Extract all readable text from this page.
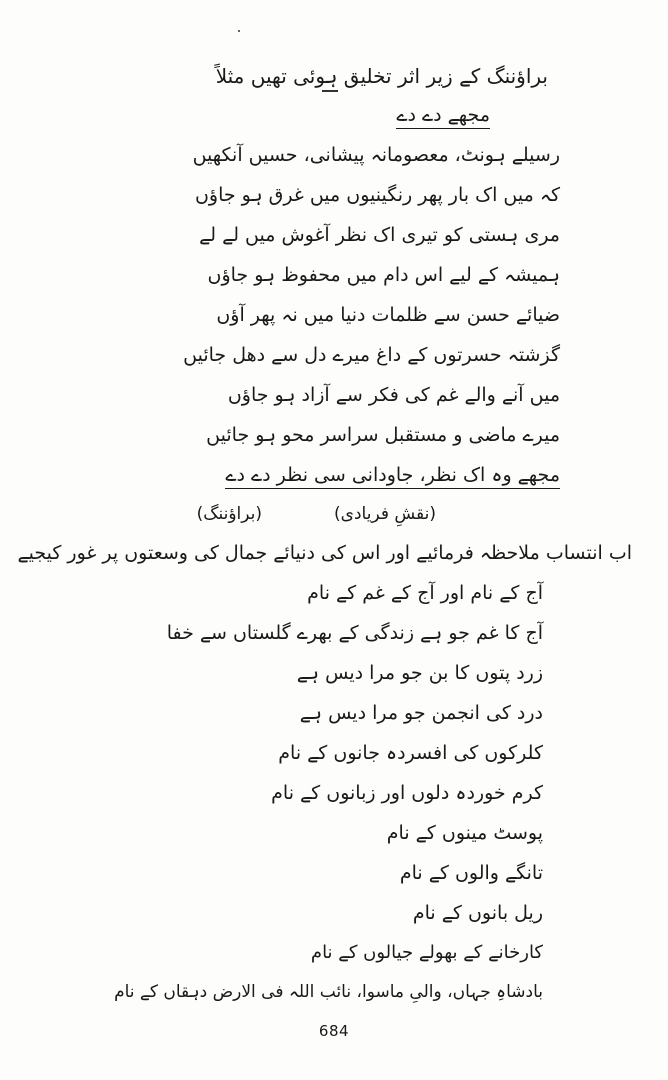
براؤننگ کے زیر اثر تخلیق ہوئی تھیں مثلاً
مجھے دے دے
رسیلے ہونٹ، معصومانہ پیشانی، حسیں آنکھیں
کہ میں اک بار پھر رنگینیوں میں غرق ہو جاؤں
مری ہستی کو تیری اک نظر آغوش میں لے لے
ہمیشہ کے لیے اس دام میں محفوظ ہو جاؤں
ضیائے حسن سے ظلمات دنیا میں نہ پھر آؤں
گزشتہ حسرتوں کے داغ میرے دل سے دھل جائیں
میں آنے والے غم کی فکر سے آزاد ہو جاؤں
میرے ماضی و مستقبل سراسر محو ہو جائیں
مجھے وہ اک نظر، جاودانی سی نظر دے دے
(نقشِ فریادی)
(براؤننگ)
اب انتساب ملاحظہ فرمائیے اور اس کی دنیائے جمال کی وسعتوں پر غور کیجیے
آج کے نام اور آج کے غم کے نام
آج کا غم جو ہے زندگی کے بھرے گلستاں سے خفا
زرد پتوں کا بن جو مرا دیس ہے
درد کی انجمن جو مرا دیس ہے
کلرکوں کی افسردہ جانوں کے نام
کرم خوردہ دلوں اور زبانوں کے نام
پوسٹ مینوں کے نام
تانگے والوں کے نام
ریل بانوں کے نام
کارخانے کے بھولے جیالوں کے نام
بادشاہِ جہاں، والیِ ماسوا، نائب اللہ فی الارض دہقاں کے نام
684
